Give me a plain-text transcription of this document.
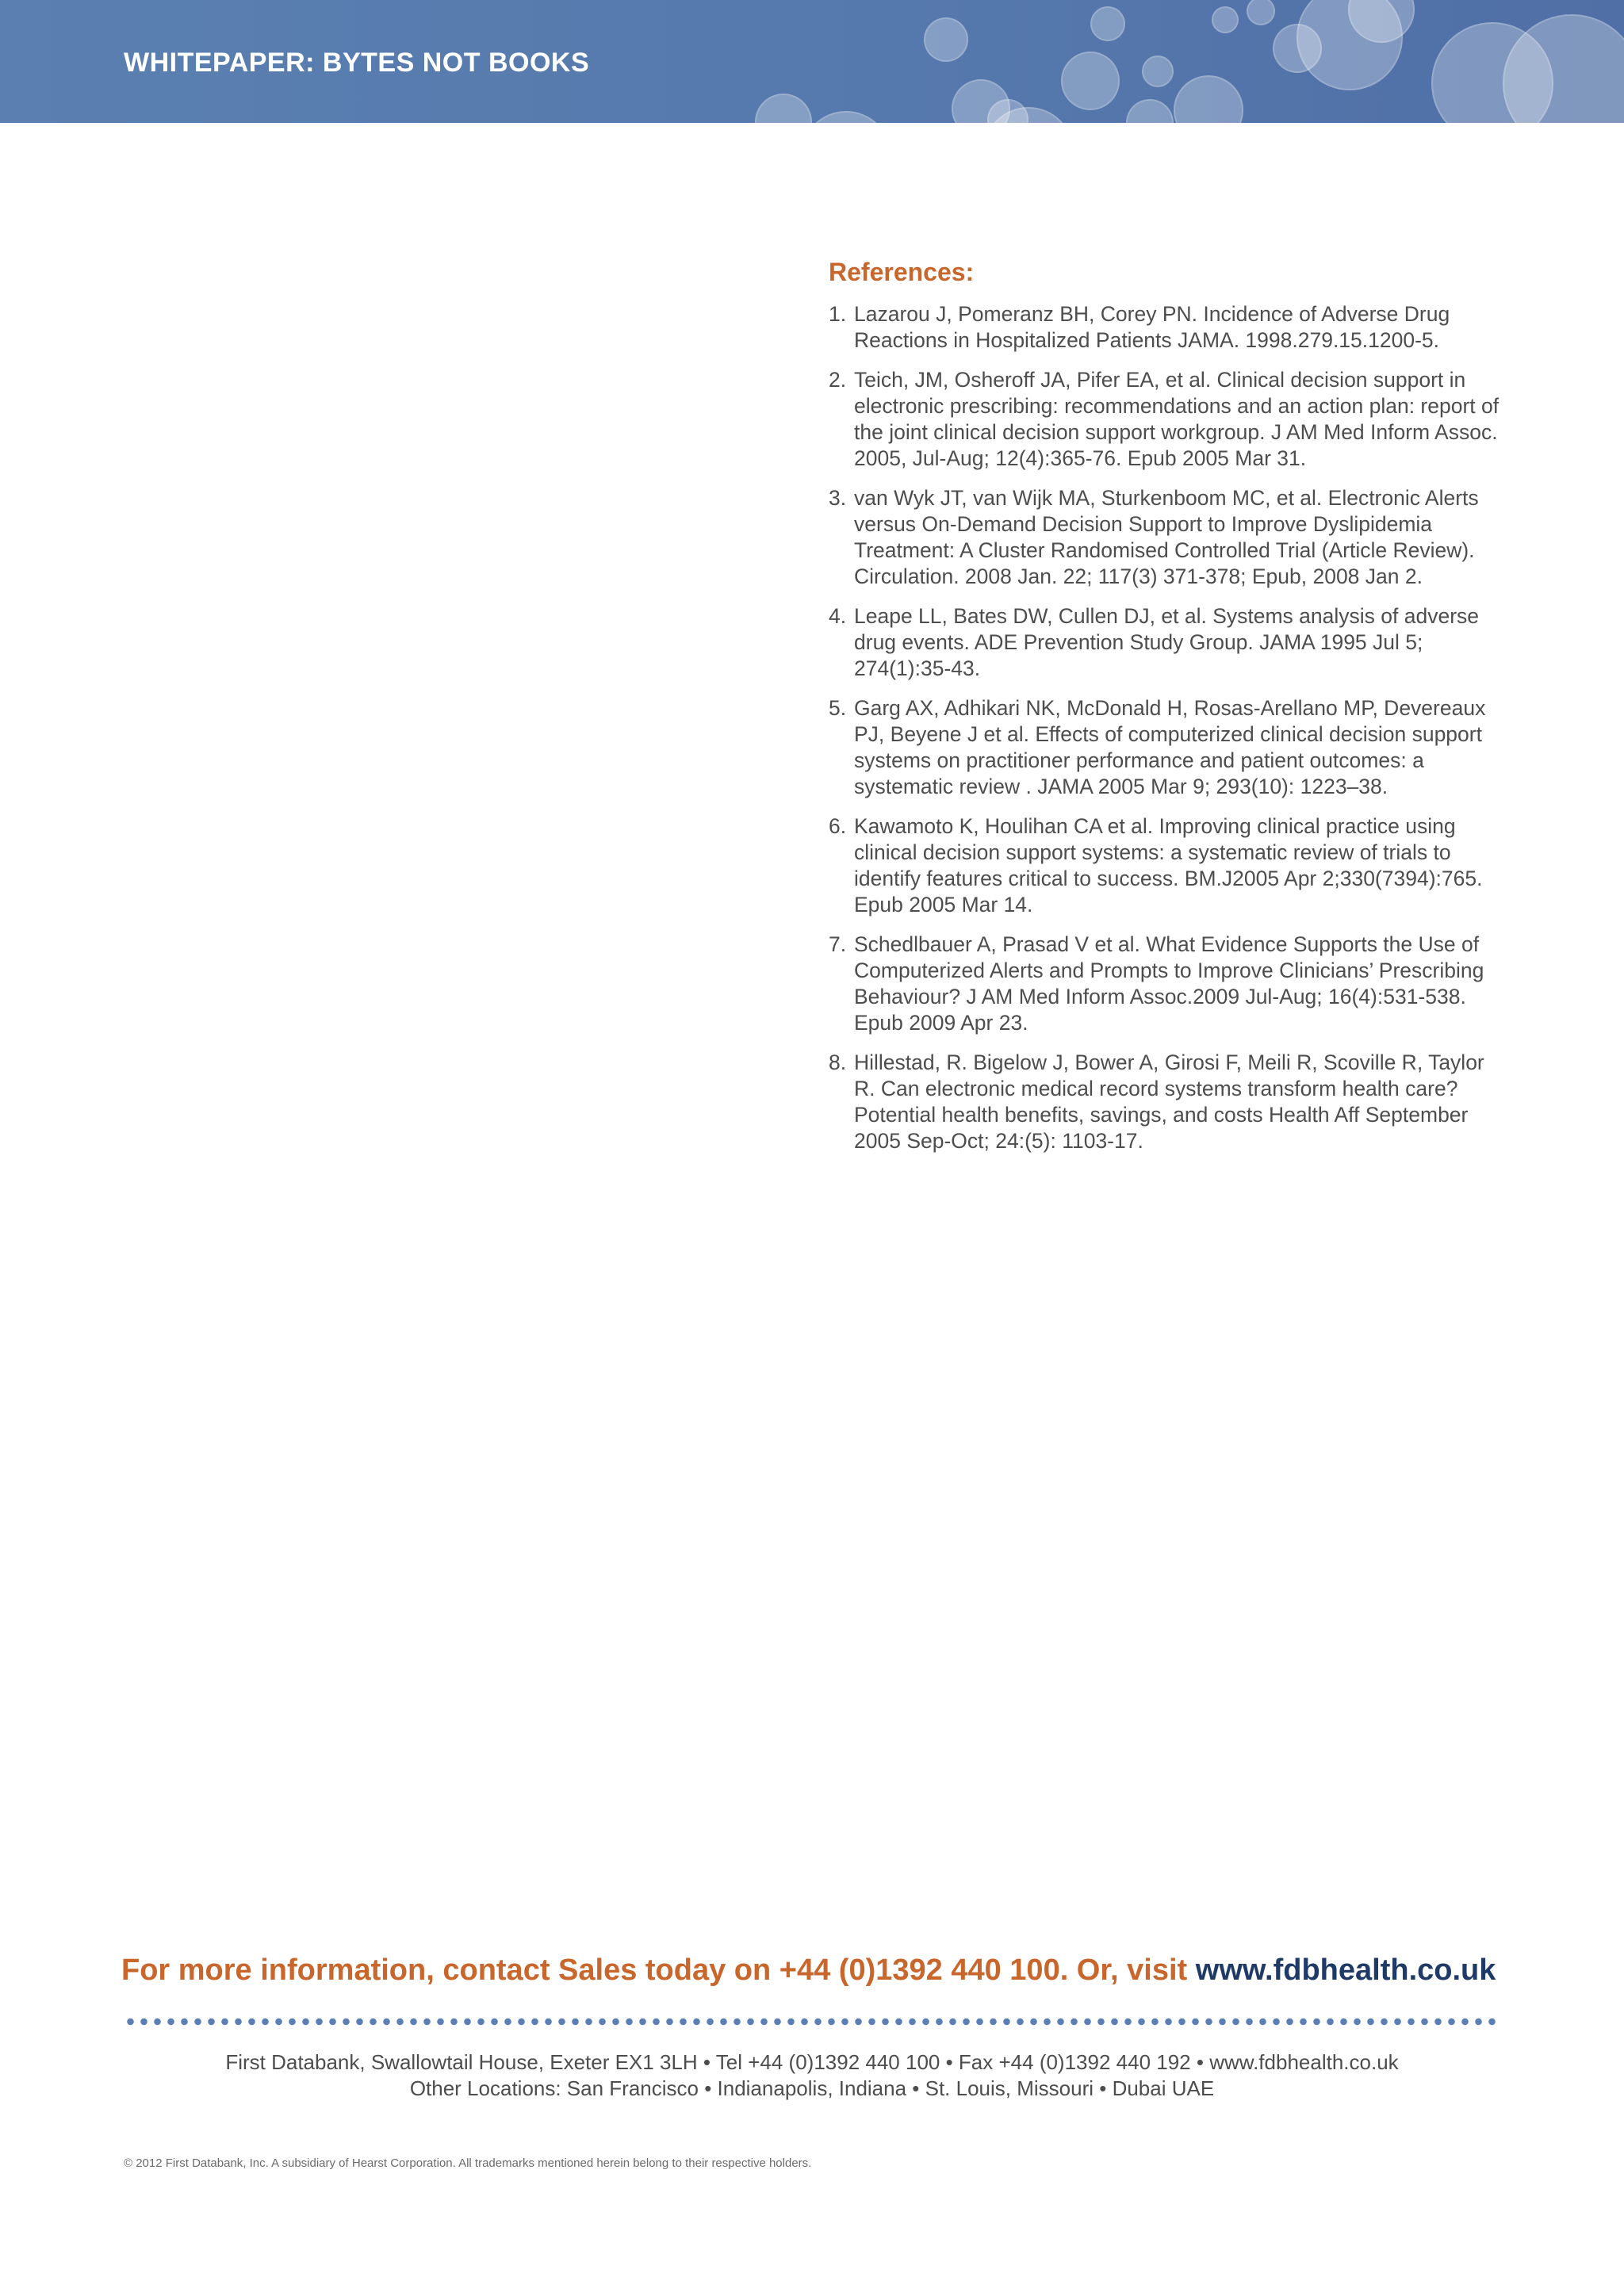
WHITEPAPER: BYTES NOT BOOKS
References:
1. Lazarou J, Pomeranz BH, Corey PN. Incidence of Adverse Drug Reactions in Hospitalized Patients JAMA. 1998.279.15.1200-5.
2. Teich, JM, Osheroff JA, Pifer EA, et al. Clinical decision support in electronic prescribing: recommendations and an action plan: report of the joint clinical decision support workgroup. J AM Med Inform Assoc. 2005, Jul-Aug; 12(4):365-76. Epub 2005 Mar 31.
3. van Wyk JT, van Wijk MA, Sturkenboom MC, et al. Electronic Alerts versus On-Demand Decision Support to Improve Dyslipidemia Treatment: A Cluster Randomised Controlled Trial (Article Review). Circulation. 2008 Jan. 22; 117(3) 371-378; Epub, 2008 Jan 2.
4. Leape LL, Bates DW, Cullen DJ, et al. Systems analysis of adverse drug events. ADE Prevention Study Group. JAMA 1995 Jul 5; 274(1):35-43.
5. Garg AX, Adhikari NK, McDonald H, Rosas-Arellano MP, Devereaux PJ, Beyene J et al. Effects of computerized clinical decision support systems on practitioner performance and patient outcomes: a systematic review . JAMA 2005 Mar 9; 293(10): 1223–38.
6. Kawamoto K, Houlihan CA et al. Improving clinical practice using clinical decision support systems: a systematic review of trials to identify features critical to success. BM.J2005 Apr 2;330(7394):765. Epub 2005 Mar 14.
7. Schedlbauer A, Prasad V et al. What Evidence Supports the Use of Computerized Alerts and Prompts to Improve Clinicians’ Prescribing Behaviour? J AM Med Inform Assoc.2009 Jul-Aug; 16(4):531-538. Epub 2009 Apr 23.
8. Hillestad, R. Bigelow J, Bower A, Girosi F, Meili R, Scoville R, Taylor R. Can electronic medical record systems transform health care? Potential health benefits, savings, and costs Health Aff September 2005 Sep-Oct; 24:(5): 1103-17.
For more information, contact Sales today on +44 (0)1392 440 100. Or, visit www.fdbhealth.co.uk
First Databank, Swallowtail House, Exeter EX1 3LH • Tel +44 (0)1392 440 100 • Fax +44 (0)1392 440 192 • www.fdbhealth.co.uk
Other Locations: San Francisco • Indianapolis, Indiana • St. Louis, Missouri • Dubai UAE
© 2012 First Databank, Inc. A subsidiary of Hearst Corporation. All trademarks mentioned herein belong to their respective holders.
